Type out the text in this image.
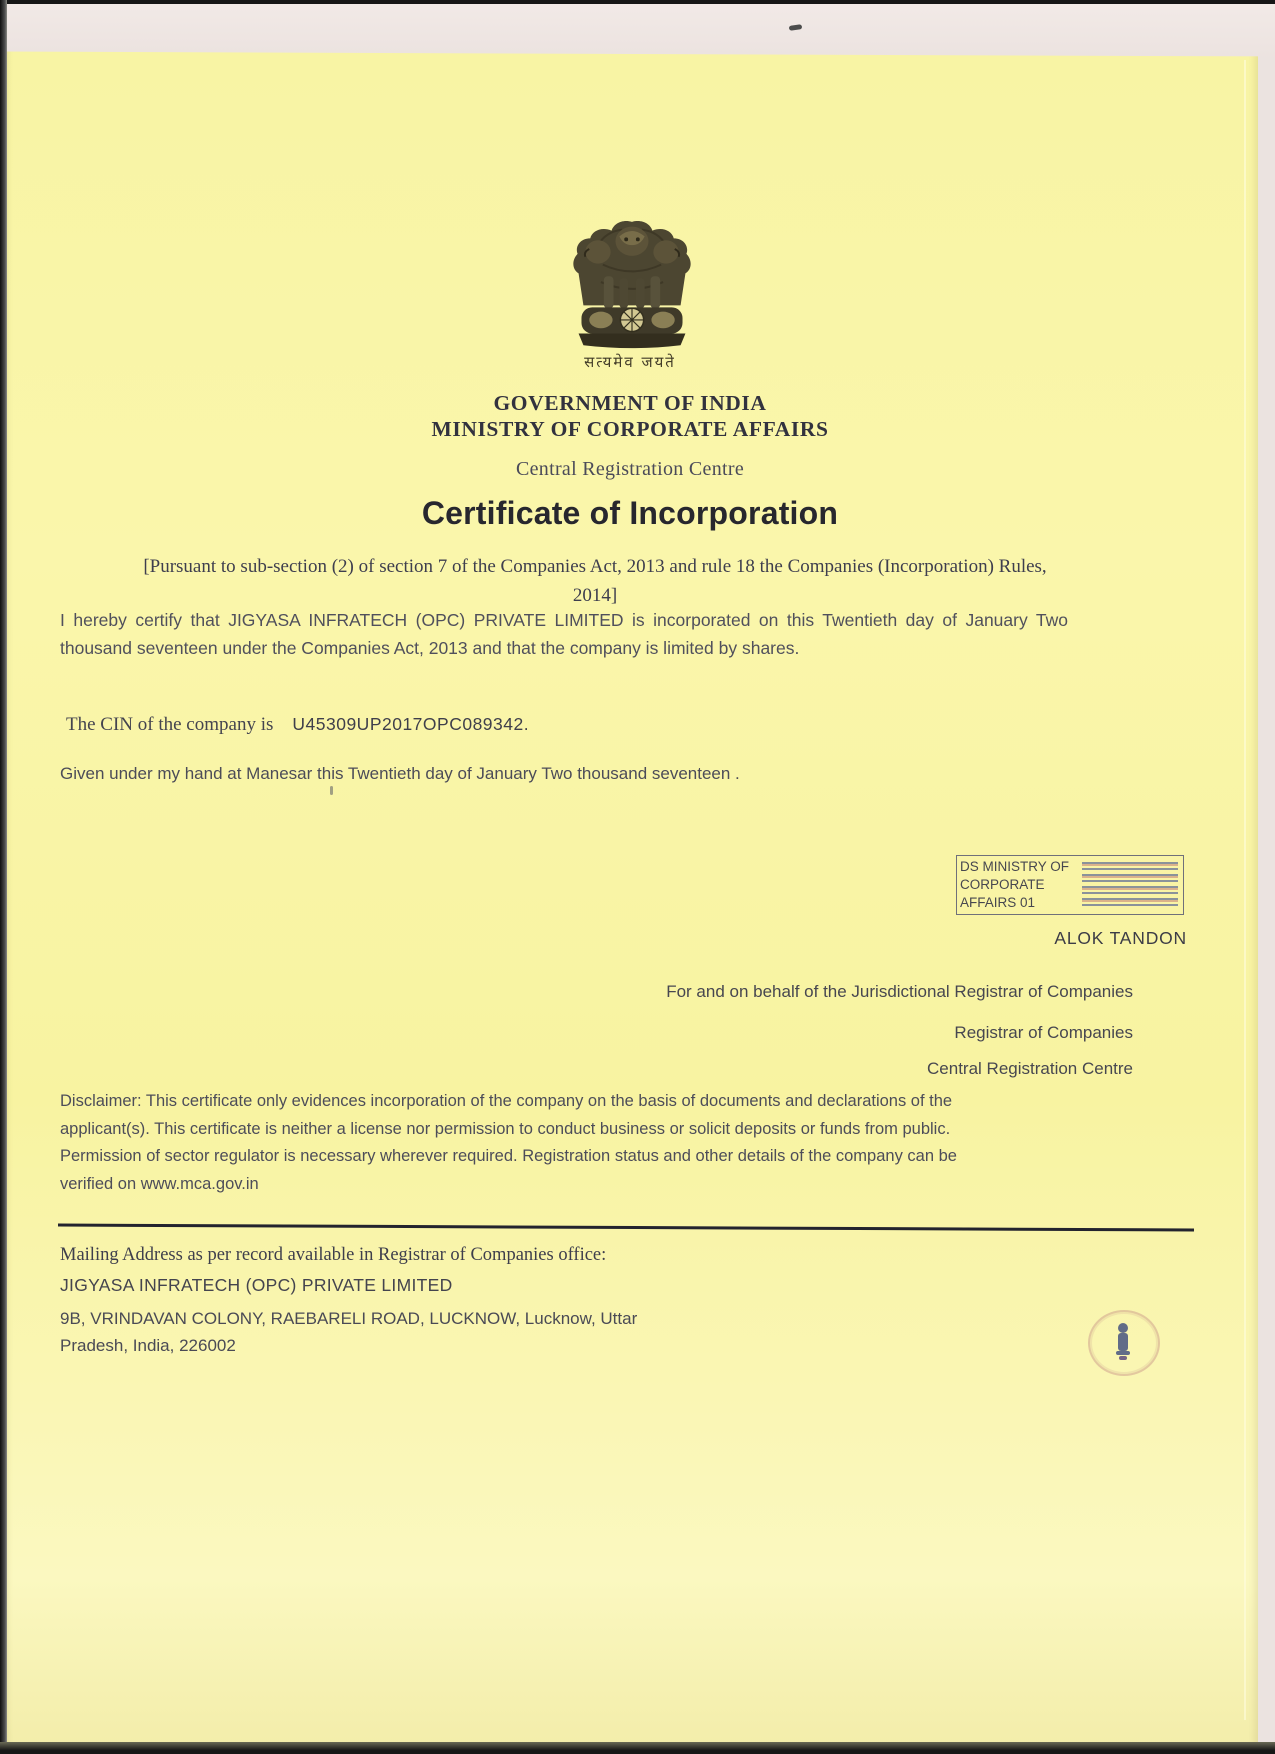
सत्यमेव जयते
GOVERNMENT OF INDIA
MINISTRY OF CORPORATE AFFAIRS
Central Registration Centre
Certificate of Incorporation
[Pursuant to sub-section (2) of section 7 of the Companies Act, 2013 and rule 18 the Companies (Incorporation) Rules,
2014]
I hereby certify that JIGYASA INFRATECH (OPC) PRIVATE LIMITED is incorporated on this Twentieth day of January Two thousand seventeen under the Companies Act, 2013 and that the company is limited by shares.
The CIN of the company is U45309UP2017OPC089342.
Given under my hand at Manesar this Twentieth day of January Two thousand seventeen .
DS MINISTRY OF
CORPORATE
AFFAIRS 01
ALOK TANDON
For and on behalf of the Jurisdictional Registrar of Companies
Registrar of Companies
Central Registration Centre
Disclaimer: This certificate only evidences incorporation of the company on the basis of documents and declarations of the applicant(s). This certificate is neither a license nor permission to conduct business or solicit deposits or funds from public. Permission of sector regulator is necessary wherever required. Registration status and other details of the company can be verified on www.mca.gov.in
Mailing Address as per record available in Registrar of Companies office:
JIGYASA INFRATECH (OPC) PRIVATE LIMITED
9B, VRINDAVAN COLONY, RAEBARELI ROAD, LUCKNOW, Lucknow, Uttar Pradesh, India, 226002
